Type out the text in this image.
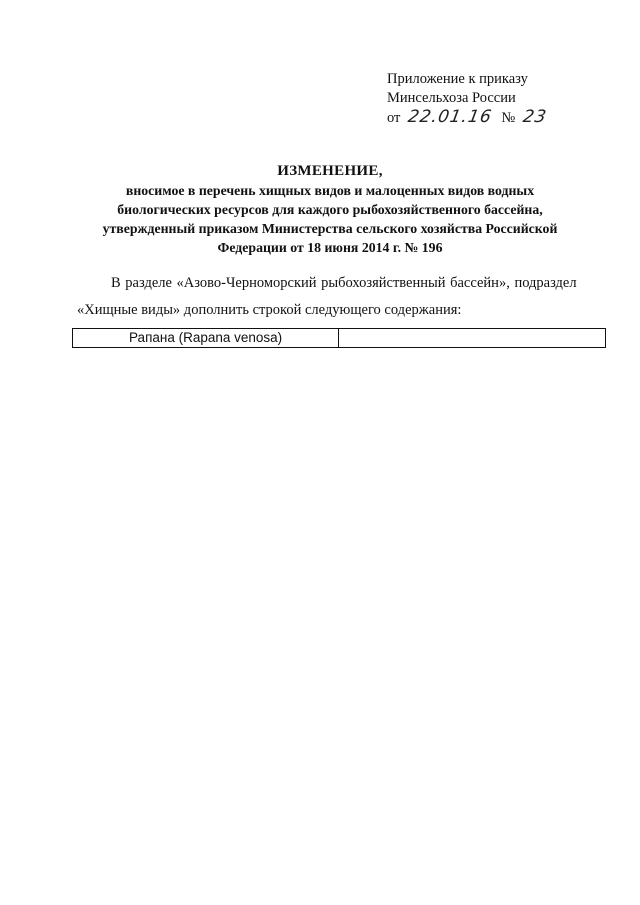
Приложение к приказу
Минсельхоза России
от 22.01.16 № 23
ИЗМЕНЕНИЕ,
вносимое в перечень хищных видов и малоценных видов водных
биологических ресурсов для каждого рыбохозяйственного бассейна,
утвержденный приказом Министерства сельского хозяйства Российской
Федерации от 18 июня 2014 г. № 196
В разделе «Азово-Черноморский рыбохозяйственный бассейн», подраздел
«Хищные виды» дополнить строкой следующего содержания:
Рапана (Rapana venosa)	
